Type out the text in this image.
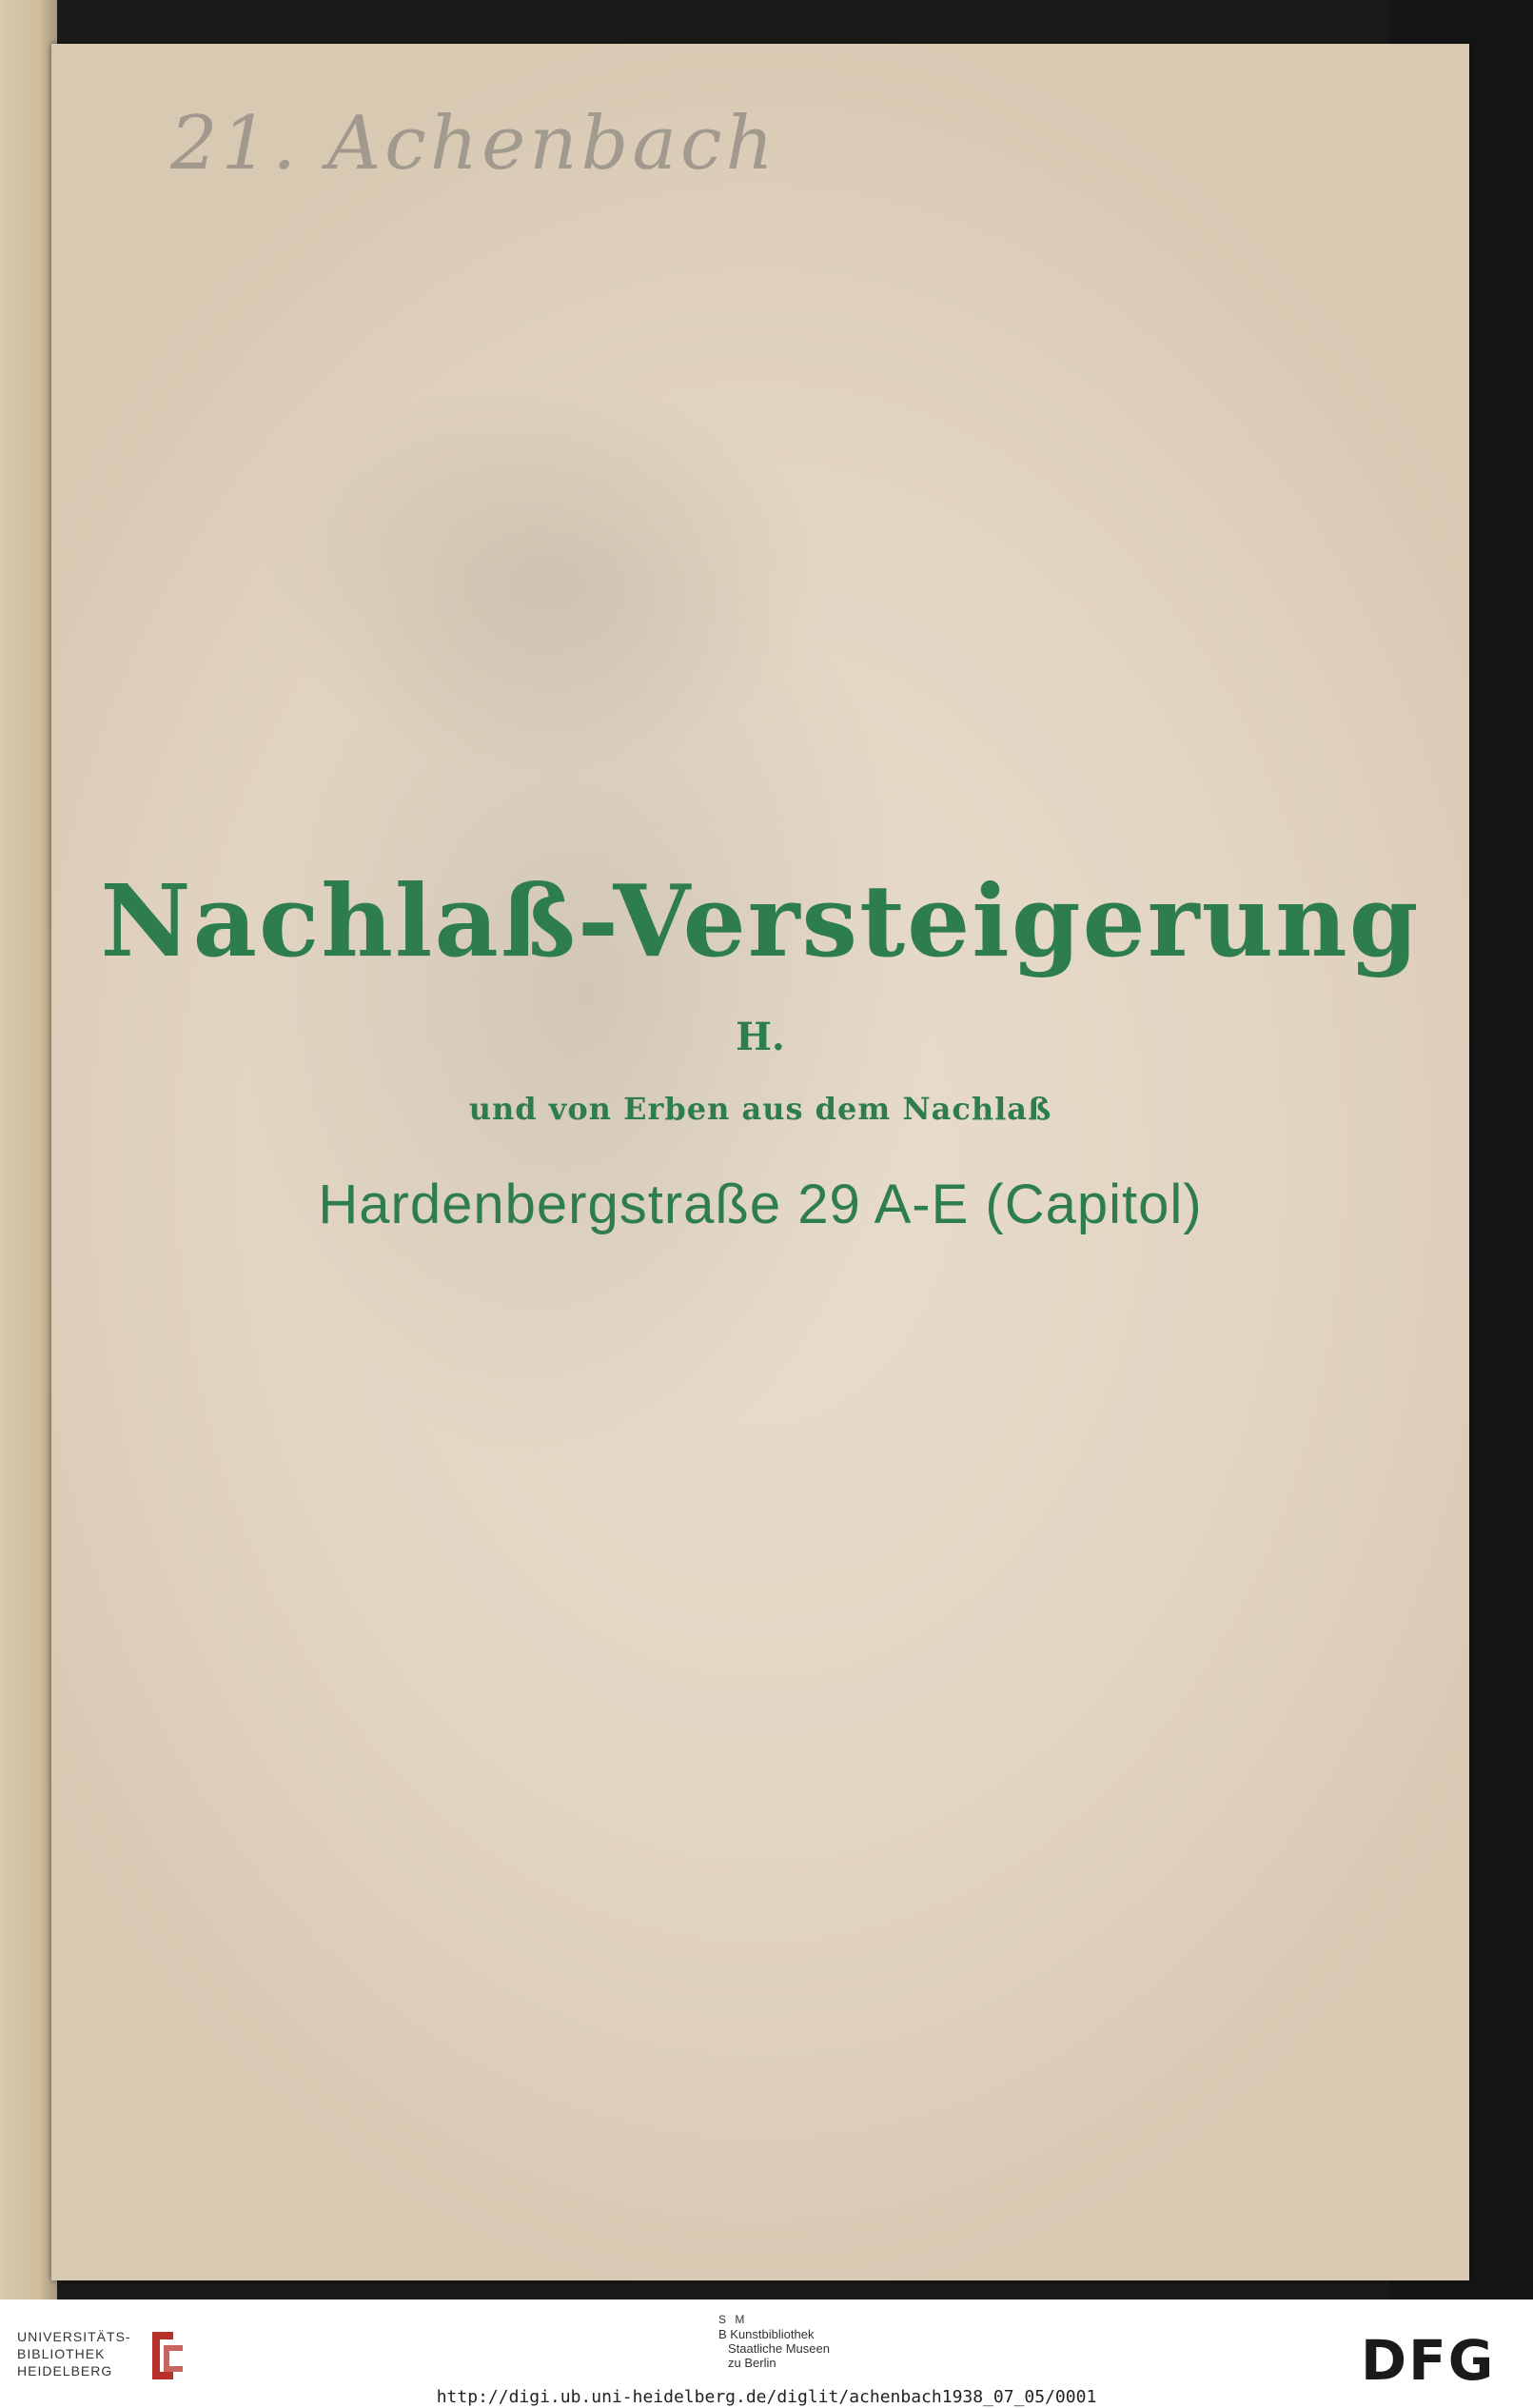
21. Achenbach
Nachlaß-Versteigerung
H.
und von Erben aus dem Nachlaß
Hardenbergstraße 29 A-E (Capitol)
UNIVERSITÄTS-
BIBLIOTHEK
HEIDELBERG
S M
B Kunstbibliothek
Staatliche Museen
zu Berlin	DFG
http://digi.ub.uni-heidelberg.de/diglit/achenbach1938_07_05/0001
